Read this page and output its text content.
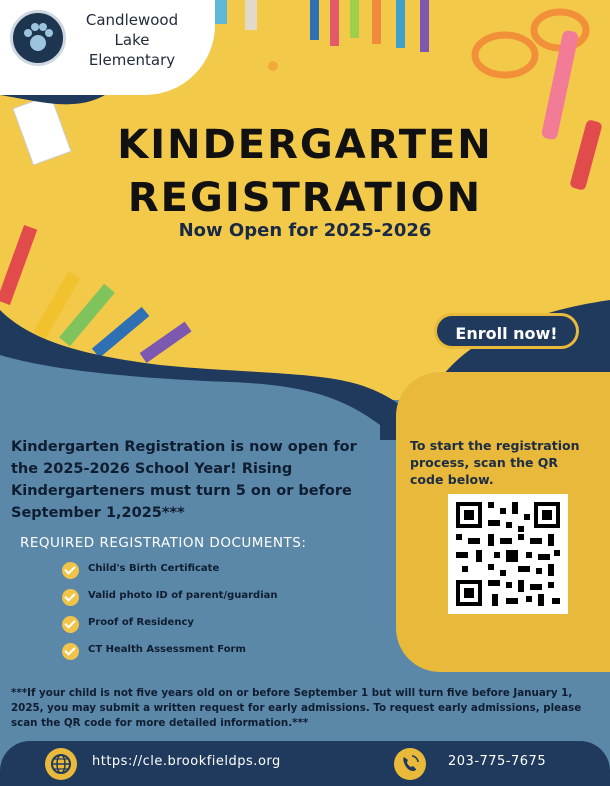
Candlewood
Lake
Elementary
KINDERGARTEN
REGISTRATION
Now Open for 2025-2026
Enroll now!
To start the registration process, scan the QR code below.
Kindergarten Registration is now open for the 2025-2026 School Year! Rising Kindergarteners must turn 5 on or before September 1,2025***
REQUIRED REGISTRATION DOCUMENTS:
Child's Birth Certificate
Valid photo ID of parent/guardian
Proof of Residency
CT Health Assessment Form
***If your child is not five years old on or before September 1 but will turn five before January 1, 2025, you may submit a written request for early admissions. To request early admissions, please scan the QR code for more detailed information.***
https://cle.brookfieldps.org	203-775-7675
